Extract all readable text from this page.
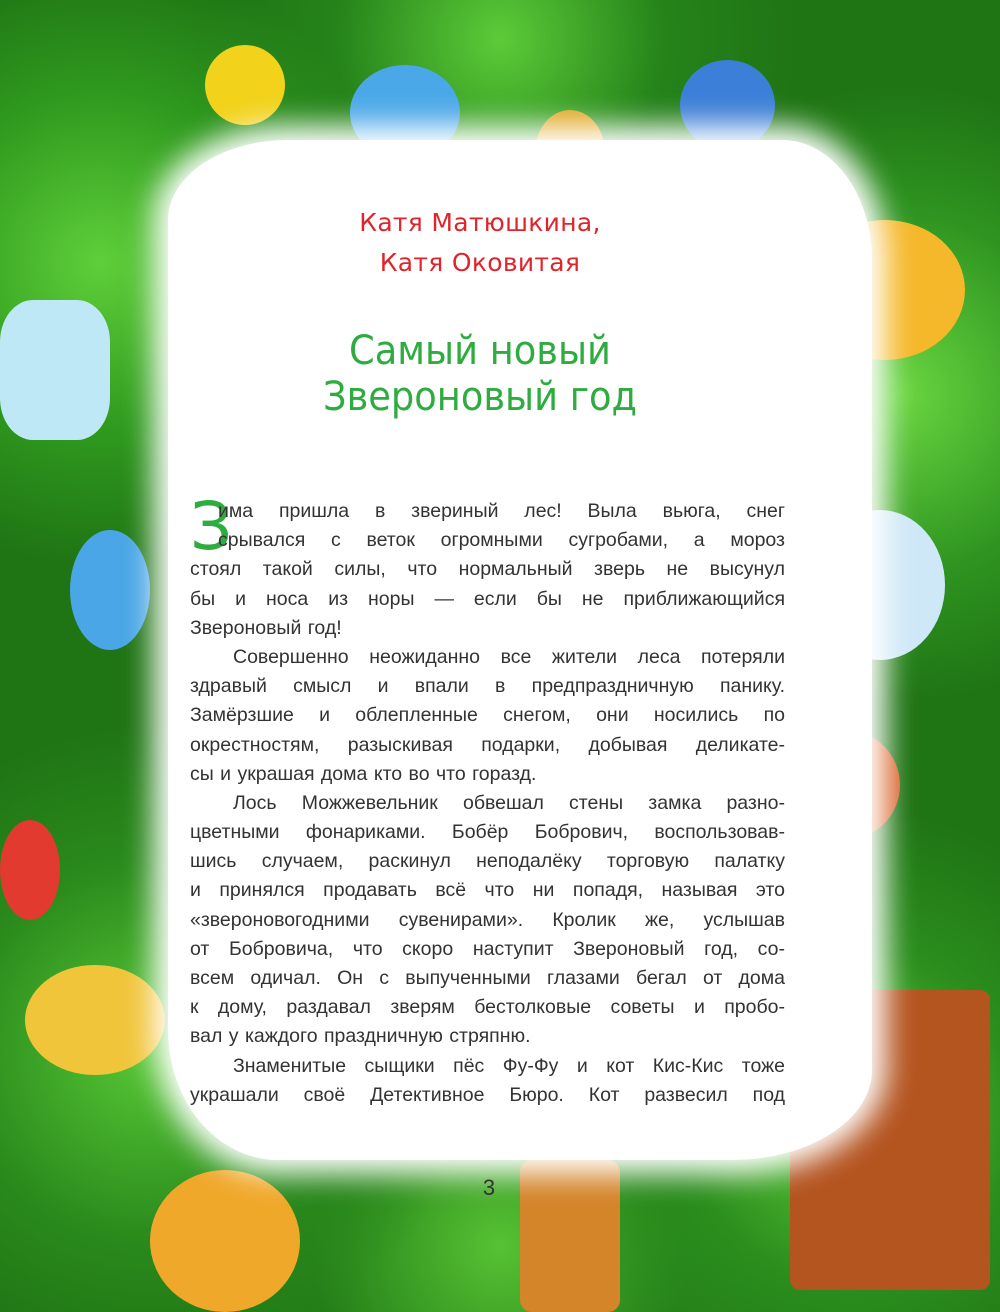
Катя Матюшкина,
Катя Оковитая
Самый новый
Звероновый год
З
има пришла в звериный лес! Выла вьюга, снег
срывался с веток огромными сугробами, а мороз
стоял такой силы, что нормальный зверь не высунул
бы и носа из норы — если бы не приближающийся
Звероновый год!
Совершенно неожиданно все жители леса потеряли
здравый смысл и впали в предпраздничную панику.
Замёрзшие и облепленные снегом, они носились по
окрестностям, разыскивая подарки, добывая деликате-
сы и украшая дома кто во что горазд.
Лось Можжевельник обвешал стены замка разно-
цветными фонариками. Бобёр Бобрович, воспользовав-
шись случаем, раскинул неподалёку торговую палатку
и принялся продавать всё что ни попадя, называя это
«звероновогодними сувенирами». Кролик же, услышав
от Бобровича, что скоро наступит Звероновый год, со-
всем одичал. Он с выпученными глазами бегал от дома
к дому, раздавал зверям бестолковые советы и пробо-
вал у каждого праздничную стряпню.
Знаменитые сыщики пёс Фу-Фу и кот Кис-Кис тоже
украшали своё Детективное Бюро. Кот развесил под
3
